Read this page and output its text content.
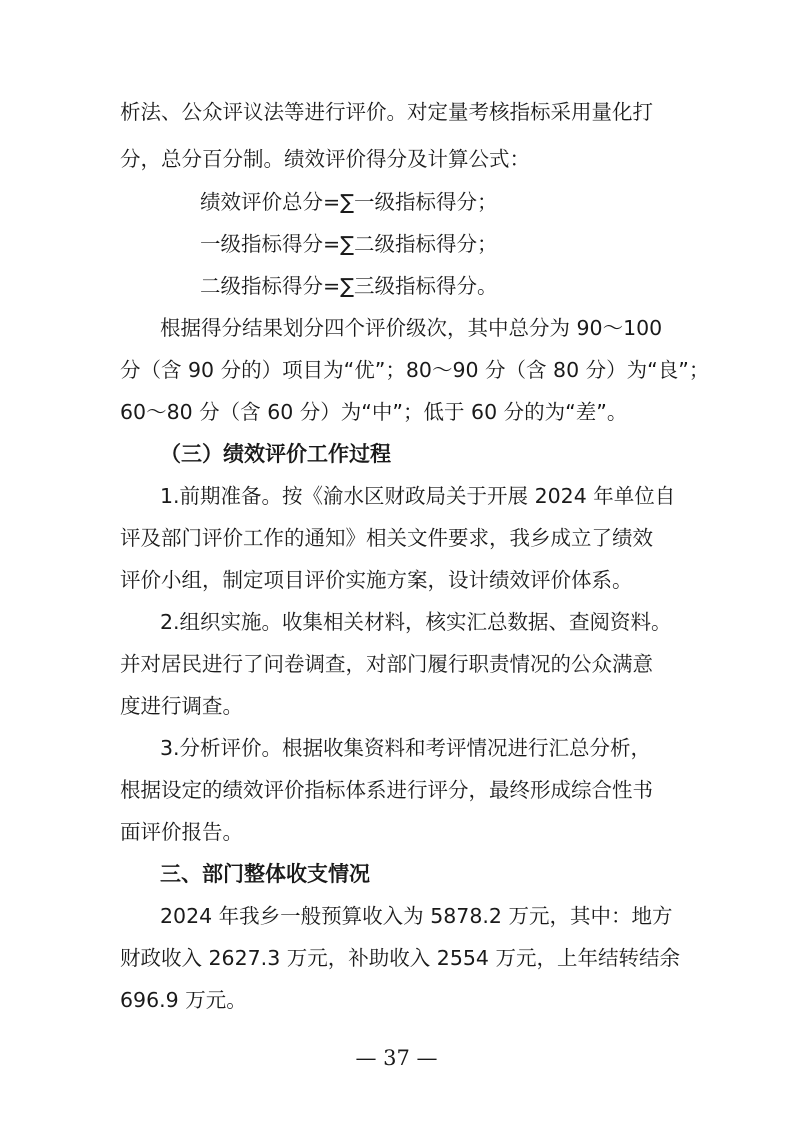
析法、公众评议法等进行评价。对定量考核指标采用量化打
分，总分百分制。绩效评价得分及计算公式：
绩效评价总分=∑一级指标得分；
一级指标得分=∑二级指标得分；
二级指标得分=∑三级指标得分。
根据得分结果划分四个评价级次，其中总分为 90～100
分（含 90 分的）项目为“优”；80～90 分（含 80 分）为“良”；
60～80 分（含 60 分）为“中”；低于 60 分的为“差”。
（三）绩效评价工作过程
1.前期准备。按《渝水区财政局关于开展 2024 年单位自
评及部门评价工作的通知》相关文件要求，我乡成立了绩效
评价小组，制定项目评价实施方案，设计绩效评价体系。
2.组织实施。收集相关材料，核实汇总数据、查阅资料。
并对居民进行了问卷调查，对部门履行职责情况的公众满意
度进行调查。
3.分析评价。根据收集资料和考评情况进行汇总分析，
根据设定的绩效评价指标体系进行评分，最终形成综合性书
面评价报告。
三、部门整体收支情况
2024 年我乡一般预算收入为 5878.2 万元，其中：地方
财政收入 2627.3 万元，补助收入 2554 万元，上年结转结余
696.9 万元。
— 37 —
